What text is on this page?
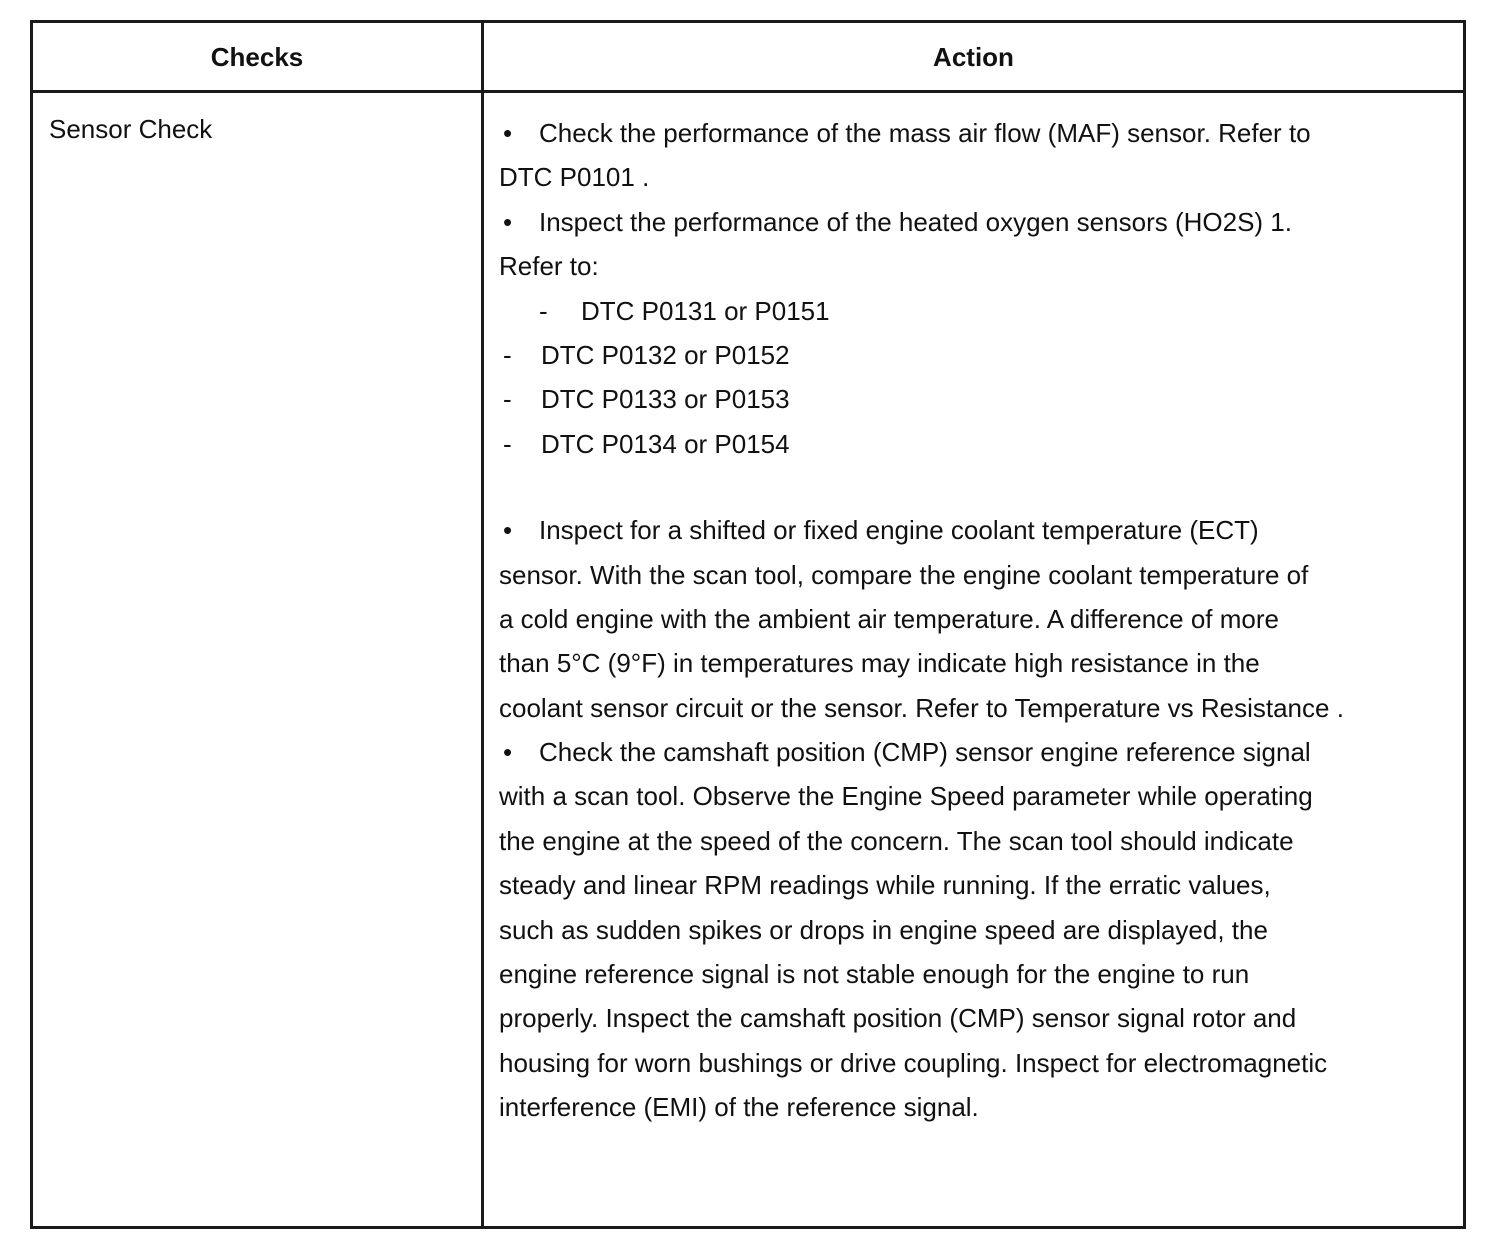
Checks	Action
Sensor Check	• Check the performance of the mass air flow (MAF) sensor. Refer to
DTC P0101 .
• Inspect the performance of the heated oxygen sensors (HO2S) 1.
Refer to:
- DTC P0131 or P0151
- DTC P0132 or P0152
- DTC P0133 or P0153
- DTC P0134 or P0154
• Inspect for a shifted or fixed engine coolant temperature (ECT)
sensor. With the scan tool, compare the engine coolant temperature of
a cold engine with the ambient air temperature. A difference of more
than 5°C (9°F) in temperatures may indicate high resistance in the
coolant sensor circuit or the sensor. Refer to Temperature vs Resistance .
• Check the camshaft position (CMP) sensor engine reference signal
with a scan tool. Observe the Engine Speed parameter while operating
the engine at the speed of the concern. The scan tool should indicate
steady and linear RPM readings while running. If the erratic values,
such as sudden spikes or drops in engine speed are displayed, the
engine reference signal is not stable enough for the engine to run
properly. Inspect the camshaft position (CMP) sensor signal rotor and
housing for worn bushings or drive coupling. Inspect for electromagnetic
interference (EMI) of the reference signal.
